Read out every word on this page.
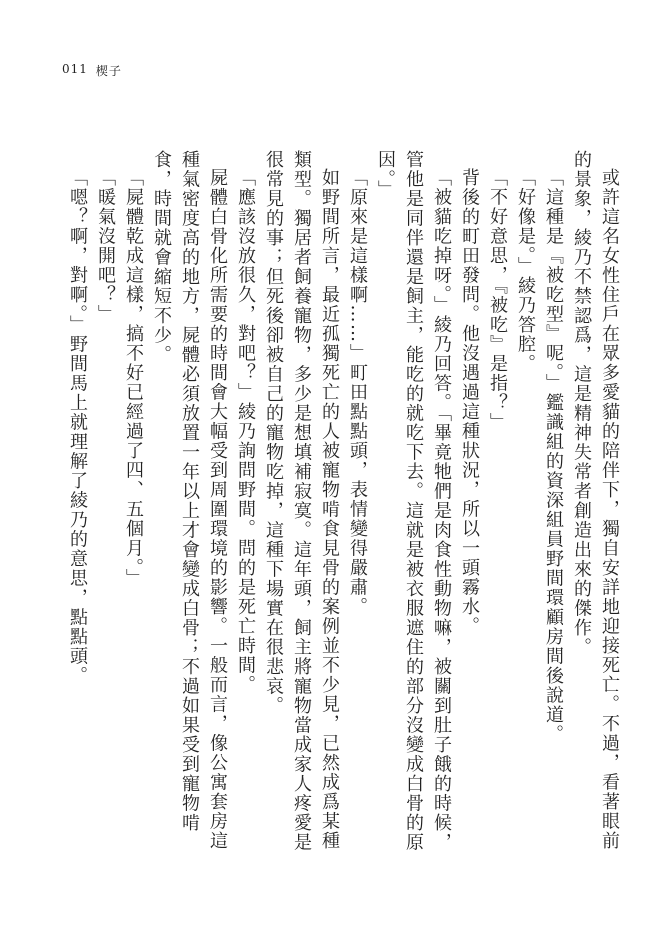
011 楔子

或許這名女性住戶在眾多愛貓的陪伴下，獨自安詳地迎接死亡。不過，看著眼前的景象，綾乃不禁認爲，這是精神失常者創造出來的傑作。

「這種是『被吃型』呢。」鑑識組的資深組員野間環顧房間後說道。

「好像是。」綾乃答腔。

「不好意思，『被吃』是指？」

背後的町田發問。他沒遇過這種狀況，所以一頭霧水。

「被貓吃掉呀。」綾乃回答。「畢竟牠們是肉食性動物嘛，被關到肚子餓的時候，管他是同伴還是飼主，能吃的就吃下去。這就是被衣服遮住的部分沒變成白骨的原因。」

「原來是這樣啊……」町田點點頭，表情變得嚴肅。

如野間所言，最近孤獨死亡的人被寵物啃食見骨的案例並不少見，已然成爲某種類型。獨居者飼養寵物，多少是想填補寂寞。這年頭，飼主將寵物當成家人疼愛是很常見的事；但死後卻被自己的寵物吃掉，這種下場實在很悲哀。

「應該沒放很久，對吧？」綾乃詢問野間。問的是死亡時間。

屍體白骨化所需要的時間會大幅受到周圍環境的影響。一般而言，像公寓套房這種氣密度高的地方，屍體必須放置一年以上才會變成白骨；不過如果受到寵物啃食，時間就會縮短不少。

「屍體乾成這樣，搞不好已經過了四、五個月。」

「暖氣沒開吧？」

「嗯？啊，對啊。」野間馬上就理解了綾乃的意思，點點頭。
